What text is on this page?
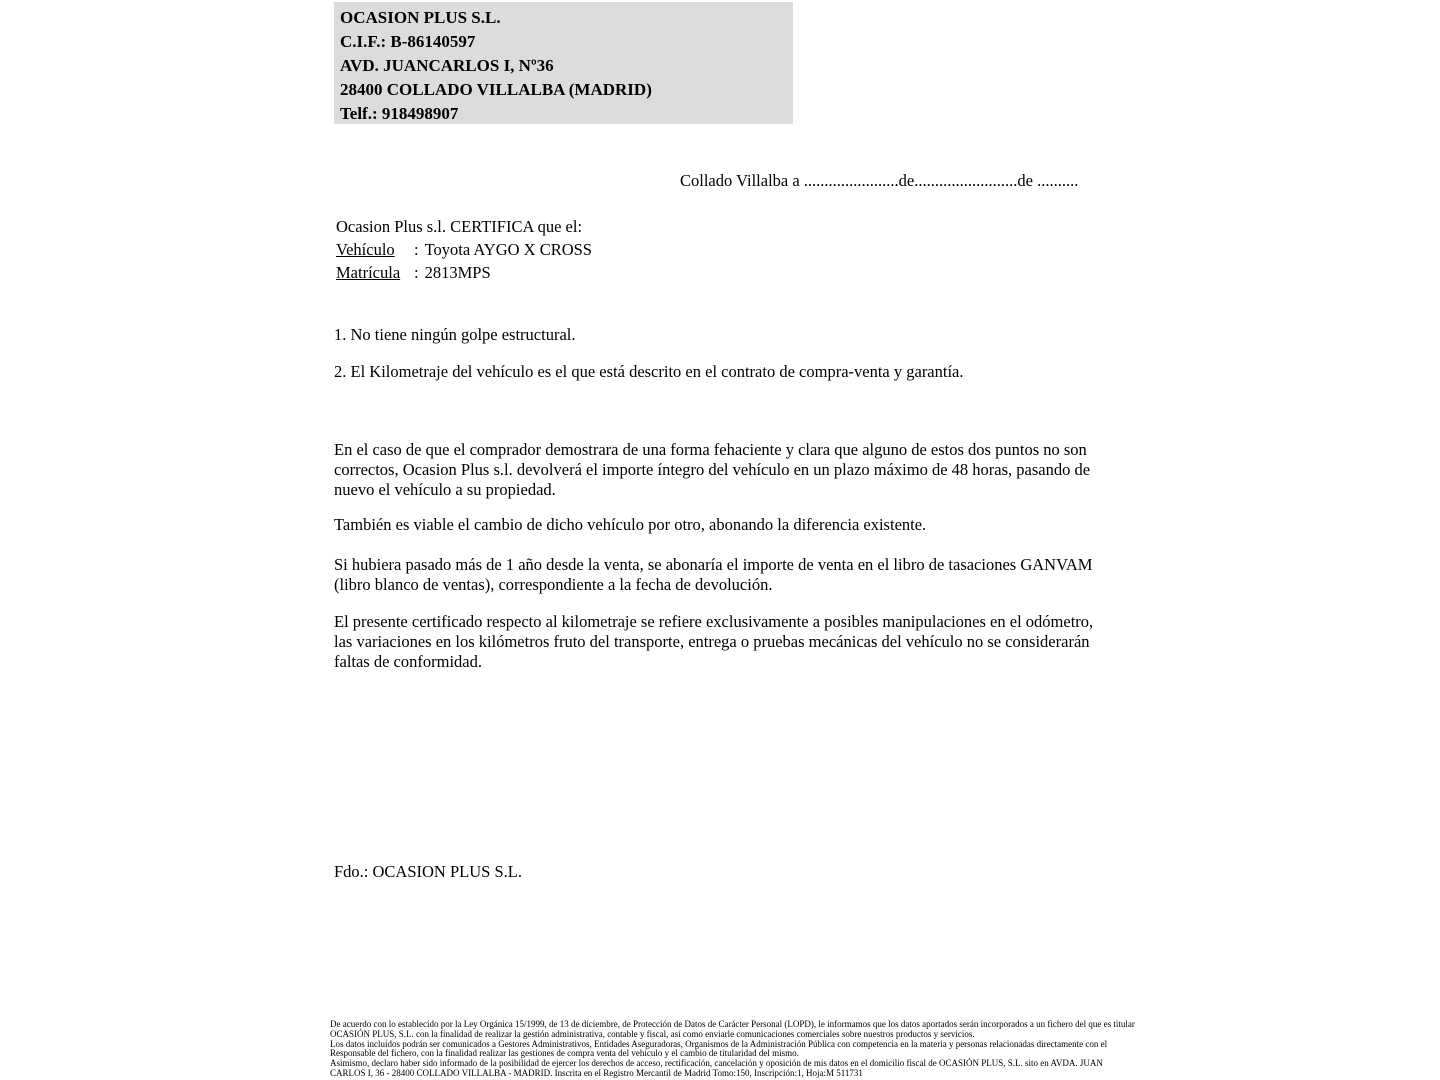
OCASION PLUS S.L.
C.I.F.: B-86140597
AVD. JUANCARLOS I, Nº36
28400 COLLADO VILLALBA (MADRID)
Telf.: 918498907
Collado Villalba a .......................de.........................de ..........
Ocasion Plus s.l. CERTIFICA que el:
Vehículo : Toyota AYGO X CROSS
Matrícula : 2813MPS
1. No tiene ningún golpe estructural.
2. El Kilometraje del vehículo es el que está descrito en el contrato de compra-venta y garantía.
En el caso de que el comprador demostrara de una forma fehaciente y clara que alguno de estos dos puntos no son correctos, Ocasion Plus s.l. devolverá el importe íntegro del vehículo en un plazo máximo de 48 horas, pasando de nuevo el vehículo a su propiedad.
También es viable el cambio de dicho vehículo por otro, abonando la diferencia existente.
Si hubiera pasado más de 1 año desde la venta, se abonaría el importe de venta en el libro de tasaciones GANVAM (libro blanco de ventas), correspondiente a la fecha de devolución.
El presente certificado respecto al kilometraje se refiere exclusivamente a posibles manipulaciones en el odómetro, las variaciones en los kilómetros fruto del transporte, entrega o pruebas mecánicas del vehículo no se considerarán faltas de conformidad.
Fdo.: OCASION PLUS S.L.
De acuerdo con lo establecido por la Ley Orgánica 15/1999, de 13 de diciembre, de Protección de Datos de Carácter Personal (LOPD), le informamos que los datos aportados serán incorporados a un fichero del que es titular
OCASIÓN PLUS, S.L. con la finalidad de realizar la gestión administrativa, contable y fiscal, así como enviarle comunicaciones comerciales sobre nuestros productos y servicios.
Los datos incluidos podrán ser comunicados a Gestores Administrativos, Entidades Aseguradoras, Organismos de la Administración Pública con competencia en la materia y personas relacionadas directamente con el
Responsable del fichero, con la finalidad realizar las gestiones de compra venta del vehículo y el cambio de titularidad del mismo.
Asimismo, declaro haber sido informado de la posibilidad de ejercer los derechos de acceso, rectificación, cancelación y oposición de mis datos en el domicilio fiscal de OCASIÓN PLUS, S.L. sito en AVDA. JUAN
CARLOS I, 36 - 28400 COLLADO VILLALBA - MADRID. Inscrita en el Registro Mercantil de Madrid Tomo:150, Inscripción:1, Hoja:M 511731
